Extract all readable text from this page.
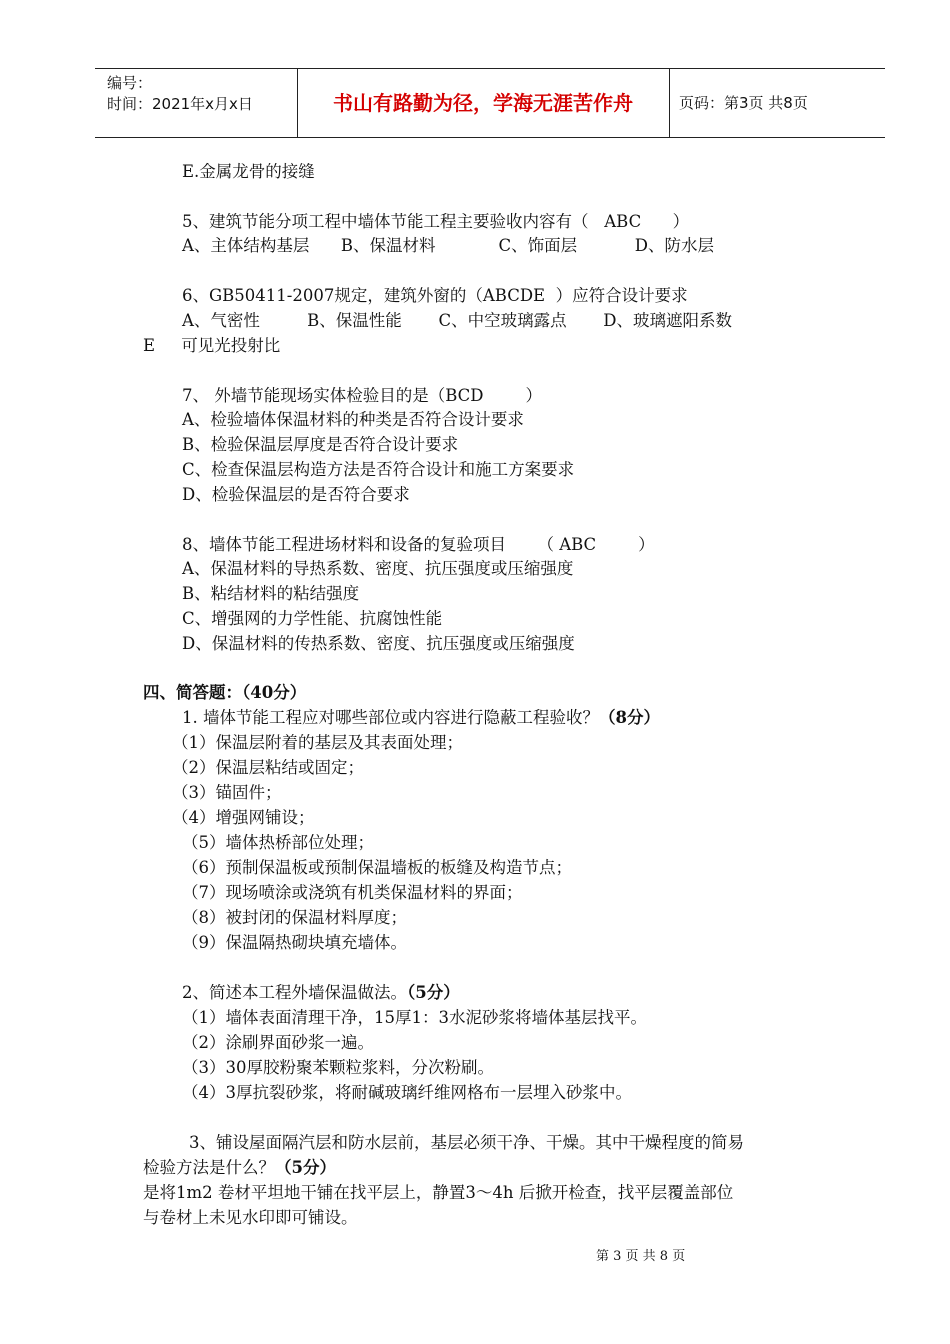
编号：
时间：2021年x月x日	书山有路勤为径，学海无涯苦作舟	页码：第3页 共8页
E.金属龙骨的接缝
5、建筑节能分项工程中墙体节能工程主要验收内容有（   ABC      ）
A、主体结构基层      B、保温材料            C、饰面层           D、防水层
6、GB50411-2007规定，建筑外窗的（ABCDE  ）应符合设计要求
A、气密性         B、保温性能       C、中空玻璃露点       D、玻璃遮阳系数
E     可见光投射比
7、 外墙节能现场实体检验目的是（BCD        ）
A、检验墙体保温材料的种类是否符合设计要求
B、检验保温层厚度是否符合设计要求
C、检查保温层构造方法是否符合设计和施工方案要求
D、检验保温层的是否符合要求
8、墙体节能工程进场材料和设备的复验项目      （ ABC        ）
A、保温材料的导热系数、密度、抗压强度或压缩强度
B、粘结材料的粘结强度
C、增强网的力学性能、抗腐蚀性能
D、保温材料的传热系数、密度、抗压强度或压缩强度
四、简答题：（40分）
1. 墙体节能工程应对哪些部位或内容进行隐蔽工程验收？（8分）
（1）保温层附着的基层及其表面处理；
（2）保温层粘结或固定；
（3）锚固件；
（4）增强网铺设；
（5）墙体热桥部位处理；
（6）预制保温板或预制保温墙板的板缝及构造节点；
（7）现场喷涂或浇筑有机类保温材料的界面；
（8）被封闭的保温材料厚度；
（9）保温隔热砌块填充墙体。
2、简述本工程外墙保温做法。（5分）
（1）墙体表面清理干净，15厚1：3水泥砂浆将墙体基层找平。
（2）涂刷界面砂浆一遍。
（3）30厚胶粉聚苯颗粒浆料，分次粉刷。
（4）3厚抗裂砂浆，将耐碱玻璃纤维网格布一层埋入砂浆中。
3、铺设屋面隔汽层和防水层前，基层必须干净、干燥。其中干燥程度的简易
检验方法是什么？（5分）
是将1m2 卷材平坦地干铺在找平层上，静置3～4h 后掀开检查，找平层覆盖部位
与卷材上未见水印即可铺设。
第 3 页 共 8 页
